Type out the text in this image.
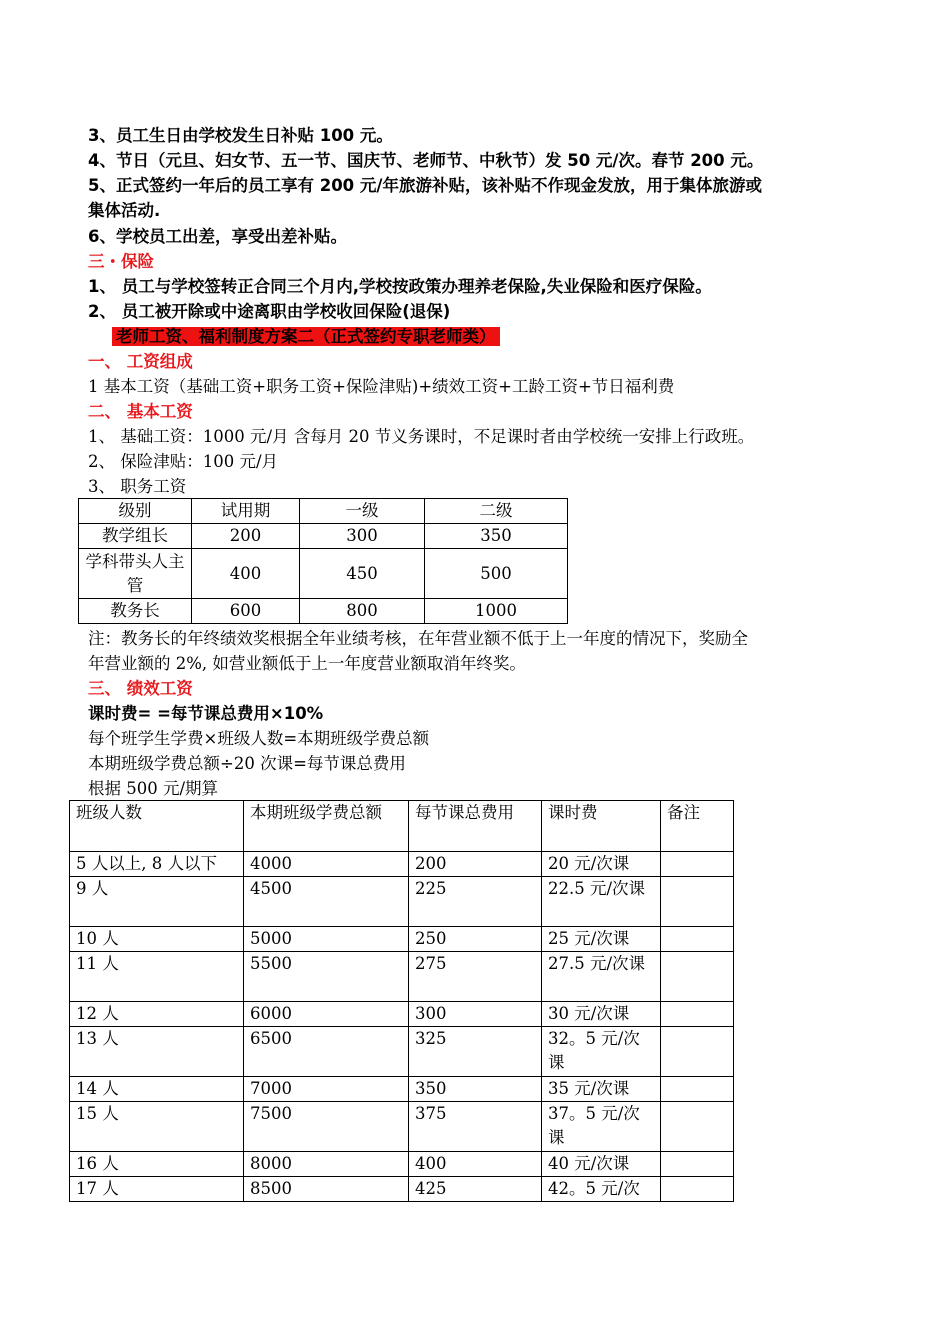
3、员工生日由学校发生日补贴 100 元。
4、节日（元旦、妇女节、五一节、国庆节、老师节、中秋节）发 50 元/次。春节 200 元。
5、正式签约一年后的员工享有 200 元/年旅游补贴，该补贴不作现金发放，用于集体旅游或
集体活动.
6、学校员工出差，享受出差补贴。
三・保险
1、 员工与学校签转正合同三个月内,学校按政策办理养老保险,失业保险和医疗保险。
2、 员工被开除或中途离职由学校收回保险(退保)
老师工资、福利制度方案二（正式签约专职老师类）
一、 工资组成
1 基本工资（基础工资+职务工资+保险津贴)+绩效工资+工龄工资+节日福利费
二、 基本工资
1、 基础工资：1000 元/月 含每月 20 节义务课时，不足课时者由学校统一安排上行政班。
2、 保险津贴：100 元/月
3、 职务工资
级别	试用期	一级	二级
教学组长	200	300	350
学科带头人主管	400	450	500
教务长	600	800	1000
注：教务长的年终绩效奖根据全年业绩考核，在年营业额不低于上一年度的情况下，奖励全
年营业额的 2%, 如营业额低于上一年度营业额取消年终奖。
三、 绩效工资
课时费= =每节课总费用×10%
每个班学生学费×班级人数=本期班级学费总额
本期班级学费总额÷20 次课=每节课总费用
根据 500 元/期算
班级人数	本期班级学费总额	每节课总费用	课时费	备注
5 人以上, 8 人以下	4000	200	20 元/次课	
9 人	4500	225	22.5 元/次课	
10 人	5000	250	25 元/次课	
11 人	5500	275	27.5 元/次课	
12 人	6000	300	30 元/次课	
13 人	6500	325	32。5 元/次课	
14 人	7000	350	35 元/次课	
15 人	7500	375	37。5 元/次课	
16 人	8000	400	40 元/次课	
17 人	8500	425	42。5 元/次	
